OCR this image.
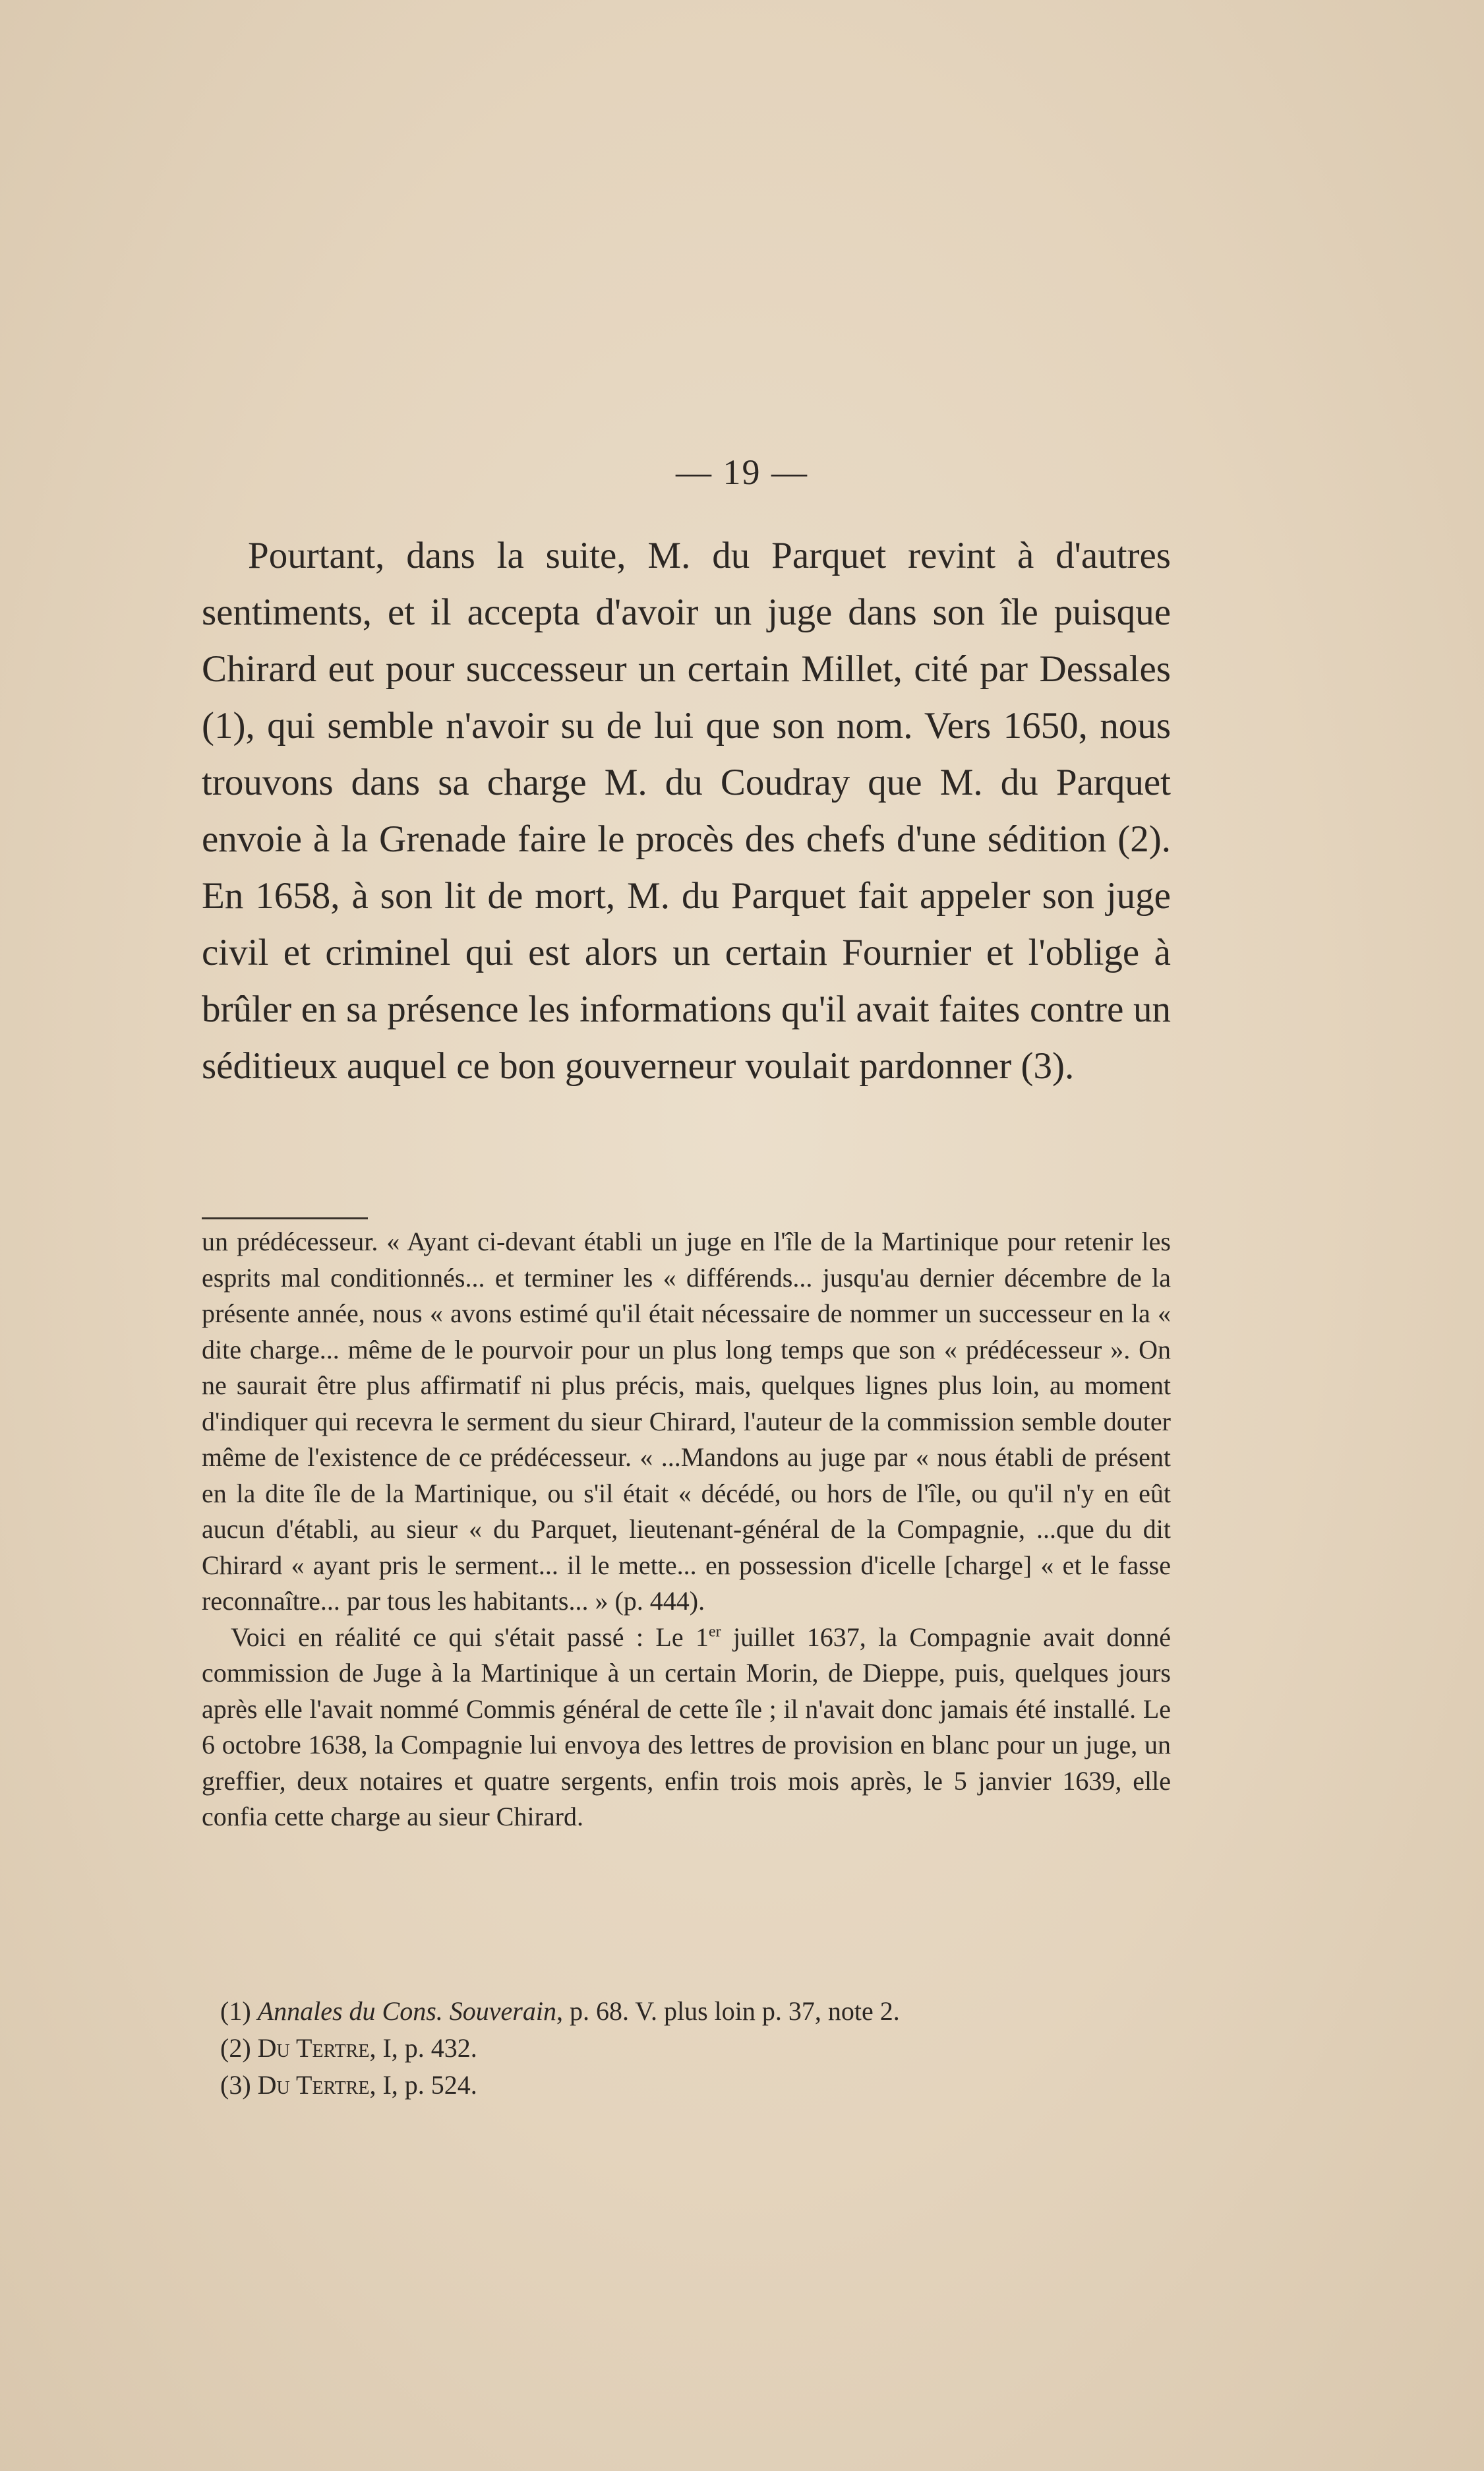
— 19 —

Pourtant, dans la suite, M. du Parquet revint à d'autres sentiments, et il accepta d'avoir un juge dans son île puisque Chirard eut pour successeur un certain Millet, cité par Dessales (1), qui semble n'avoir su de lui que son nom. Vers 1650, nous trouvons dans sa charge M. du Coudray que M. du Parquet envoie à la Grenade faire le procès des chefs d'une sédition (2). En 1658, à son lit de mort, M. du Parquet fait appeler son juge civil et criminel qui est alors un certain Fournier et l'oblige à brûler en sa présence les informations qu'il avait faites contre un séditieux auquel ce bon gouverneur voulait pardonner (3).

un prédécesseur. « Ayant ci-devant établi un juge en l'île de la Martinique pour retenir les esprits mal conditionnés... et terminer les « différends... jusqu'au dernier décembre de la présente année, nous « avons estimé qu'il était nécessaire de nommer un successeur en la « dite charge... même de le pourvoir pour un plus long temps que son « prédécesseur ». On ne saurait être plus affirmatif ni plus précis, mais, quelques lignes plus loin, au moment d'indiquer qui recevra le serment du sieur Chirard, l'auteur de la commission semble douter même de l'existence de ce prédécesseur. « ...Mandons au juge par « nous établi de présent en la dite île de la Martinique, ou s'il était « décédé, ou hors de l'île, ou qu'il n'y en eût aucun d'établi, au sieur « du Parquet, lieutenant-général de la Compagnie, ...que du dit Chirard « ayant pris le serment... il le mette... en possession d'icelle [charge] « et le fasse reconnaître... par tous les habitants... » (p. 444).

Voici en réalité ce qui s'était passé : Le 1er juillet 1637, la Compagnie avait donné commission de Juge à la Martinique à un certain Morin, de Dieppe, puis, quelques jours après elle l'avait nommé Commis général de cette île ; il n'avait donc jamais été installé. Le 6 octobre 1638, la Compagnie lui envoya des lettres de provision en blanc pour un juge, un greffier, deux notaires et quatre sergents, enfin trois mois après, le 5 janvier 1639, elle confia cette charge au sieur Chirard.

(1) Annales du Cons. Souverain, p. 68. V. plus loin p. 37, note 2.

(2) Du Tertre, I, p. 432.

(3) Du Tertre, I, p. 524.
